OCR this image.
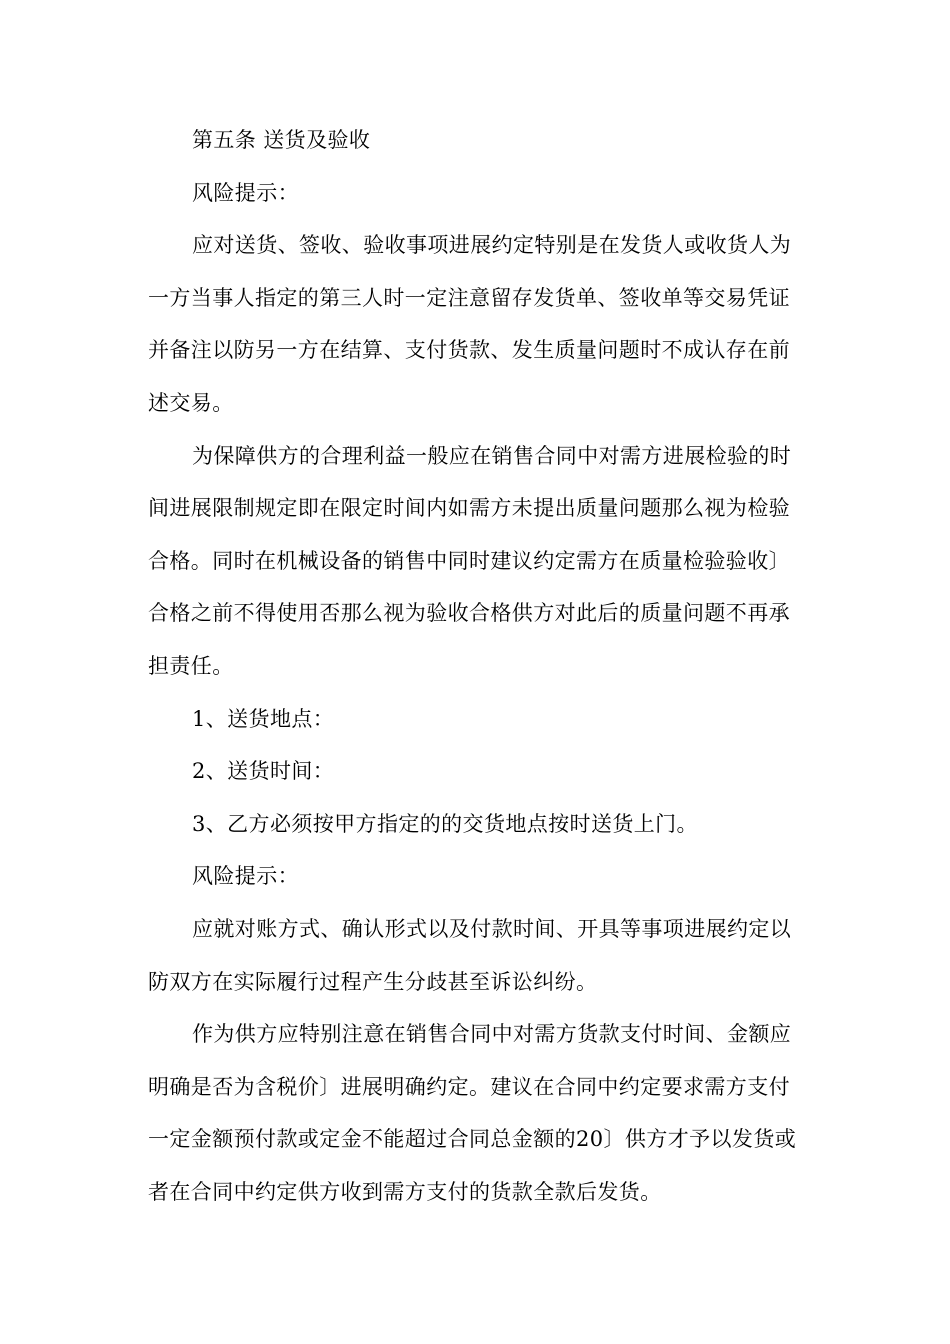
第五条 送货及验收

风险提示：

应对送货、签收、验收事项进展约定特别是在发货人或收货人为一方当事人指定的第三人时一定注意留存发货单、签收单等交易凭证并备注以防另一方在结算、支付货款、发生质量问题时不成认存在前述交易。

为保障供方的合理利益一般应在销售合同中对需方进展检验的时间进展限制规定即在限定时间内如需方未提出质量问题那么视为检验合格。同时在机械设备的销售中同时建议约定需方在质量检验验收〕合格之前不得使用否那么视为验收合格供方对此后的质量问题不再承担责任。

1、送货地点：

2、送货时间：

3、乙方必须按甲方指定的的交货地点按时送货上门。

风险提示：

应就对账方式、确认形式以及付款时间、开具等事项进展约定以防双方在实际履行过程产生分歧甚至诉讼纠纷。

作为供方应特别注意在销售合同中对需方货款支付时间、金额应明确是否为含税价〕进展明确约定。建议在合同中约定要求需方支付一定金额预付款或定金不能超过合同总金额的20〕供方才予以发货或者在合同中约定供方收到需方支付的货款全款后发货。
